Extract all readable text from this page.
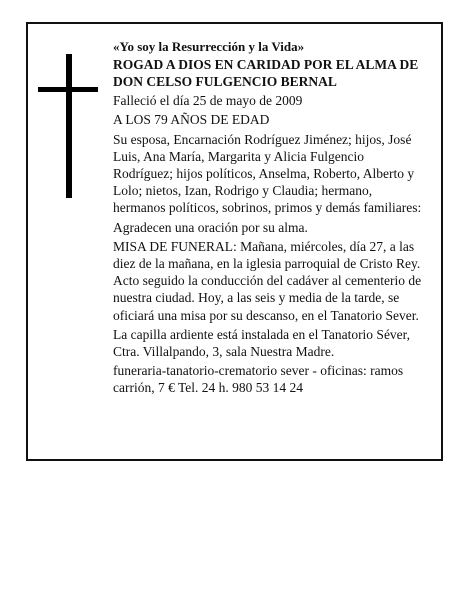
«Yo soy la Resurrección y la Vida»

ROGAD A DIOS EN CARIDAD POR EL ALMA DE DON CELSO FULGENCIO BERNAL

Falleció el día 25 de mayo de 2009

A LOS 79 AÑOS DE EDAD

Su esposa, Encarnación Rodríguez Jiménez; hijos, José Luis, Ana María, Margarita y Alicia Fulgencio Rodríguez; hijos políticos, Anselma, Roberto, Alberto y Lolo; nietos, Izan, Rodrigo y Claudia; hermano, hermanos políticos, sobrinos, primos y demás familiares:

Agradecen una oración por su alma.

MISA DE FUNERAL: Mañana, miércoles, día 27, a las diez de la mañana, en la iglesia parroquial de Cristo Rey. Acto seguido la conducción del cadáver al cementerio de nuestra ciudad. Hoy, a las seis y media de la tarde, se oficiará una misa por su descanso, en el Tanatorio Sever.

La capilla ardiente está instalada en el Tanatorio Séver, Ctra. Villalpando, 3, sala Nuestra Madre.

funeraria-tanatorio-crematorio sever - oficinas: ramos carrión, 7 € Tel. 24 h. 980 53 14 24
